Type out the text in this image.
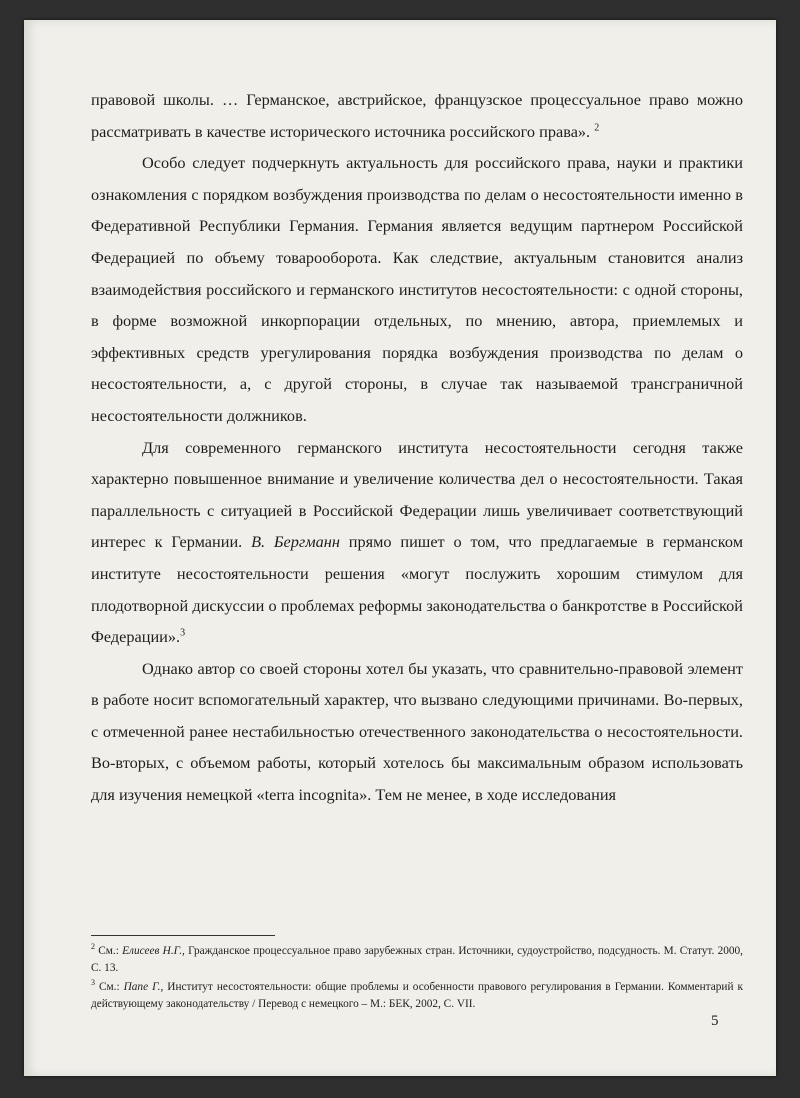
правовой школы. … Германское, австрийское, французское процессуальное право можно рассматривать в качестве исторического источника российского права». $^2$

Особо следует подчеркнуть актуальность для российского права, науки и практики ознакомления с порядком возбуждения производства по делам о несостоятельности именно в Федеративной Республики Германия. Германия является ведущим партнером Российской Федерацией по объему товарооборота. Как следствие, актуальным становится анализ взаимодействия российского и германского институтов несостоятельности: с одной стороны, в форме возможной инкорпорации отдельных, по мнению, автора, приемлемых и эффективных средств урегулирования порядка возбуждения производства по делам о несостоятельности, а, с другой стороны, в случае так называемой трансграничной несостоятельности должников.

Для современного германского института несостоятельности сегодня также характерно повышенное внимание и увеличение количества дел о несостоятельности. Такая параллельность с ситуацией в Российской Федерации лишь увеличивает соответствующий интерес к Германии. В. Бергманн прямо пишет о том, что предлагаемые в германском институте несостоятельности решения «могут послужить хорошим стимулом для плодотворной дискуссии о проблемах реформы законодательства о банкротстве в Российской Федерации».$^3$

Однако автор со своей стороны хотел бы указать, что сравнительно-правовой элемент в работе носит вспомогательный характер, что вызвано следующими причинами. Во-первых, с отмеченной ранее нестабильностью отечественного законодательства о несостоятельности. Во-вторых, с объемом работы, который хотелось бы максимальным образом использовать для изучения немецкой «terra incognita». Тем не менее, в ходе исследования

$^2$ См.: Елисеев Н.Г., Гражданское процессуальное право зарубежных стран. Источники, судоустройство, подсудность. М. Статут. 2000, С. 13.

$^3$ См.: Папе Г., Институт несостоятельности: общие проблемы и особенности правового регулирования в Германии. Комментарий к действующему законодательству / Перевод с немецкого – М.: БЕК, 2002, С. VII.

5
